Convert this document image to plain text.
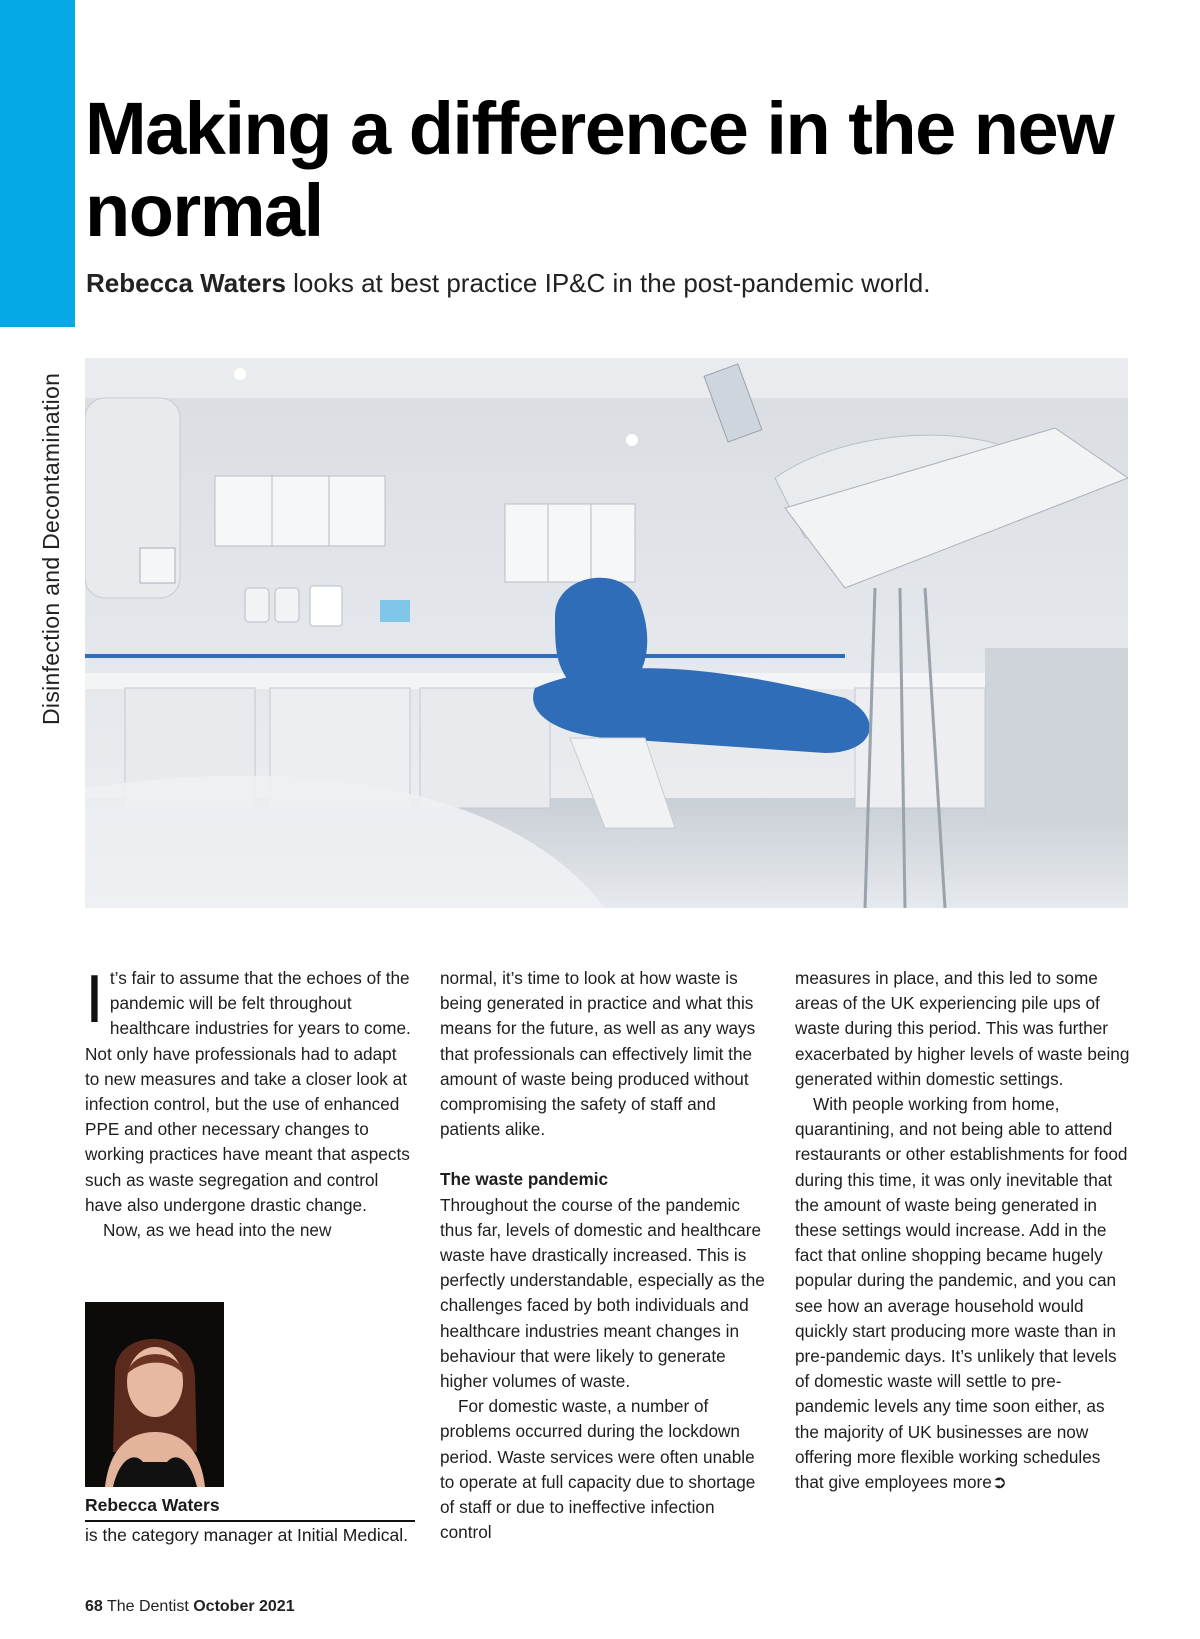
Disinfection and Decontamination
Making a difference in the new normal
Rebecca Waters looks at best practice IP&C in the post-pandemic world.

It’s fair to assume that the echoes of the pandemic will be felt throughout healthcare industries for years to come. Not only have professionals had to adapt to new measures and take a closer look at infection control, but the use of enhanced PPE and other necessary changes to working practices have meant that aspects such as waste segregation and control have also undergone drastic change.

Now, as we head into the new

normal, it’s time to look at how waste is being generated in practice and what this means for the future, as well as any ways that professionals can effectively limit the amount of waste being produced without compromising the safety of staff and patients alike.

The waste pandemic

Throughout the course of the pandemic thus far, levels of domestic and healthcare waste have drastically increased. This is perfectly understandable, especially as the challenges faced by both individuals and healthcare industries meant changes in behaviour that were likely to generate higher volumes of waste.

For domestic waste, a number of problems occurred during the lockdown period. Waste services were often unable to operate at full capacity due to shortage of staff or due to ineffective infection control

measures in place, and this led to some areas of the UK experiencing pile ups of waste during this period. This was further exacerbated by higher levels of waste being generated within domestic settings.

With people working from home, quarantining, and not being able to attend restaurants or other establishments for food during this time, it was only inevitable that the amount of waste being generated in these settings would increase. Add in the fact that online shopping became hugely popular during the pandemic, and you can see how an average household would quickly start producing more waste than in pre-pandemic days. It’s unlikely that levels of domestic waste will settle to pre-pandemic levels any time soon either, as the majority of UK businesses are now offering more flexible working schedules that give employees more➲

Rebecca Waters

is the category manager at Initial Medical.

68 The Dentist October 2021
